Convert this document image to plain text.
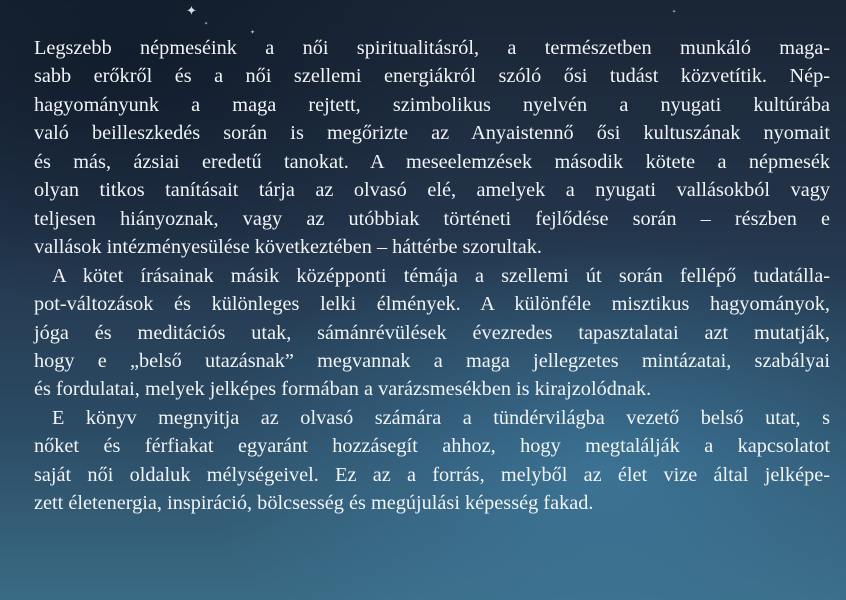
✦
✦
✦
✦

Legszebb népmeséink a női spiritualitásról, a természetben munkáló maga-
sabb erőkről és a női szellemi energiákról szóló ősi tudást közvetítik. Nép-
hagyományunk a maga rejtett, szimbolikus nyelvén a nyugati kultúrába
való beilleszkedés során is megőrizte az Anyaistennő ősi kultuszának nyomait
és más, ázsiai eredetű tanokat. A meseelemzések második kötete a népmesék
olyan titkos tanításait tárja az olvasó elé, amelyek a nyugati vallásokból vagy
teljesen hiányoznak, vagy az utóbbiak történeti fejlődése során – részben e
vallások intézményesülése következtében – háttérbe szorultak.

A kötet írásainak másik középponti témája a szellemi út során fellépő tudatálla-
pot-változások és különleges lelki élmények. A különféle misztikus hagyományok,
jóga és meditációs utak, sámánrévülések évezredes tapasztalatai azt mutatják,
hogy e „belső utazásnak” megvannak a maga jellegzetes mintázatai, szabályai
és fordulatai, melyek jelképes formában a varázsmesékben is kirajzolódnak.

E könyv megnyitja az olvasó számára a tündérvilágba vezető belső utat, s
nőket és férfiakat egyaránt hozzásegít ahhoz, hogy megtalálják a kapcsolatot
saját női oldaluk mélységeivel. Ez az a forrás, melyből az élet vize által jelképe-
zett életenergia, inspiráció, bölcsesség és megújulási képesség fakad.
